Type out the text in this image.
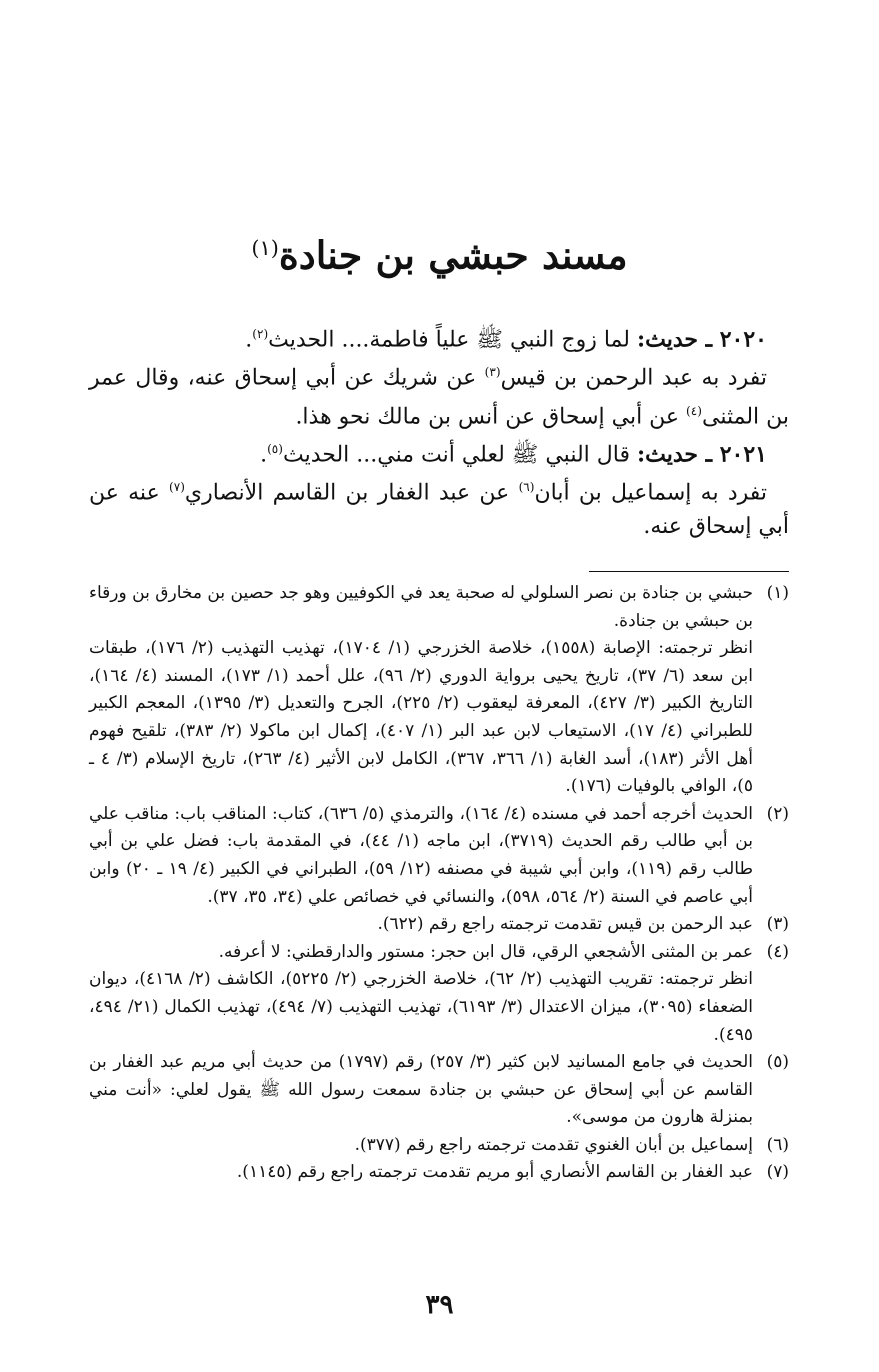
مسند حبشي بن جنادة$^{(١)}$

٢٠٢٠ ـ حديث: لما زوج النبي ﷺ علياً فاطمة.... الحديث$^{(٢)}$.

تفرد به عبد الرحمن بن قيس$^{(٣)}$ عن شريك عن أبي إسحاق عنه، وقال عمر بن المثنى$^{(٤)}$ عن أبي إسحاق عن أنس بن مالك نحو هذا.

٢٠٢١ ـ حديث: قال النبي ﷺ لعلي أنت مني... الحديث$^{(٥)}$.

تفرد به إسماعيل بن أبان$^{(٦)}$ عن عبد الغفار بن القاسم الأنصاري$^{(٧)}$ عنه عن أبي إسحاق عنه.

(١)
حبشي بن جنادة بن نصر السلولي له صحبة يعد في الكوفيين وهو جد حصين بن مخارق بن ورقاء بن حبشي بن جنادة.
انظر ترجمته: الإصابة (١٥٥٨)، خلاصة الخزرجي (١/ ١٧٠٤)، تهذيب التهذيب (٢/ ١٧٦)، طبقات ابن سعد (٦/ ٣٧)، تاريخ يحيى برواية الدوري (٢/ ٩٦)، علل أحمد (١/ ١٧٣)، المسند (٤/ ١٦٤)، التاريخ الكبير (٣/ ٤٢٧)، المعرفة ليعقوب (٢/ ٢٢٥)، الجرح والتعديل (٣/ ١٣٩٥)، المعجم الكبير للطبراني (٤/ ١٧)، الاستيعاب لابن عبد البر (١/ ٤٠٧)، إكمال ابن ماكولا (٢/ ٣٨٣)، تلقيح فهوم أهل الأثر (١٨٣)، أسد الغابة (١/ ٣٦٦، ٣٦٧)، الكامل لابن الأثير (٤/ ٢٦٣)، تاريخ الإسلام (٣/ ٤ ـ ٥)، الوافي بالوفيات (١٧٦).
(٢)
الحديث أخرجه أحمد في مسنده (٤/ ١٦٤)، والترمذي (٥/ ٦٣٦)، كتاب: المناقب باب: مناقب علي بن أبي طالب رقم الحديث (٣٧١٩)، ابن ماجه (١/ ٤٤)، في المقدمة باب: فضل علي بن أبي طالب رقم (١١٩)، وابن أبي شيبة في مصنفه (١٢/ ٥٩)، الطبراني في الكبير (٤/ ١٩ ـ ٢٠) وابن أبي عاصم في السنة (٢/ ٥٦٤، ٥٩٨)، والنسائي في خصائص علي (٣٤، ٣٥، ٣٧).
(٣)
عبد الرحمن بن قيس تقدمت ترجمته راجع رقم (٦٢٢).
(٤)
عمر بن المثنى الأشجعي الرقي، قال ابن حجر: مستور والدارقطني: لا أعرفه.
انظر ترجمته: تقريب التهذيب (٢/ ٦٢)، خلاصة الخزرجي (٢/ ٥٢٢٥)، الكاشف (٢/ ٤١٦٨)، ديوان الضعفاء (٣٠٩٥)، ميزان الاعتدال (٣/ ٦١٩٣)، تهذيب التهذيب (٧/ ٤٩٤)، تهذيب الكمال (٢١/ ٤٩٤، ٤٩٥).
(٥)
الحديث في جامع المسانيد لابن كثير (٣/ ٢٥٧) رقم (١٧٩٧) من حديث أبي مريم عبد الغفار بن القاسم عن أبي إسحاق عن حبشي بن جنادة سمعت رسول الله ﷺ يقول لعلي: «أنت مني بمنزلة هارون من موسى».
(٦)
إسماعيل بن أبان الغنوي تقدمت ترجمته راجع رقم (٣٧٧).
(٧)
عبد الغفار بن القاسم الأنصاري أبو مريم تقدمت ترجمته راجع رقم (١١٤٥).
٣٩
